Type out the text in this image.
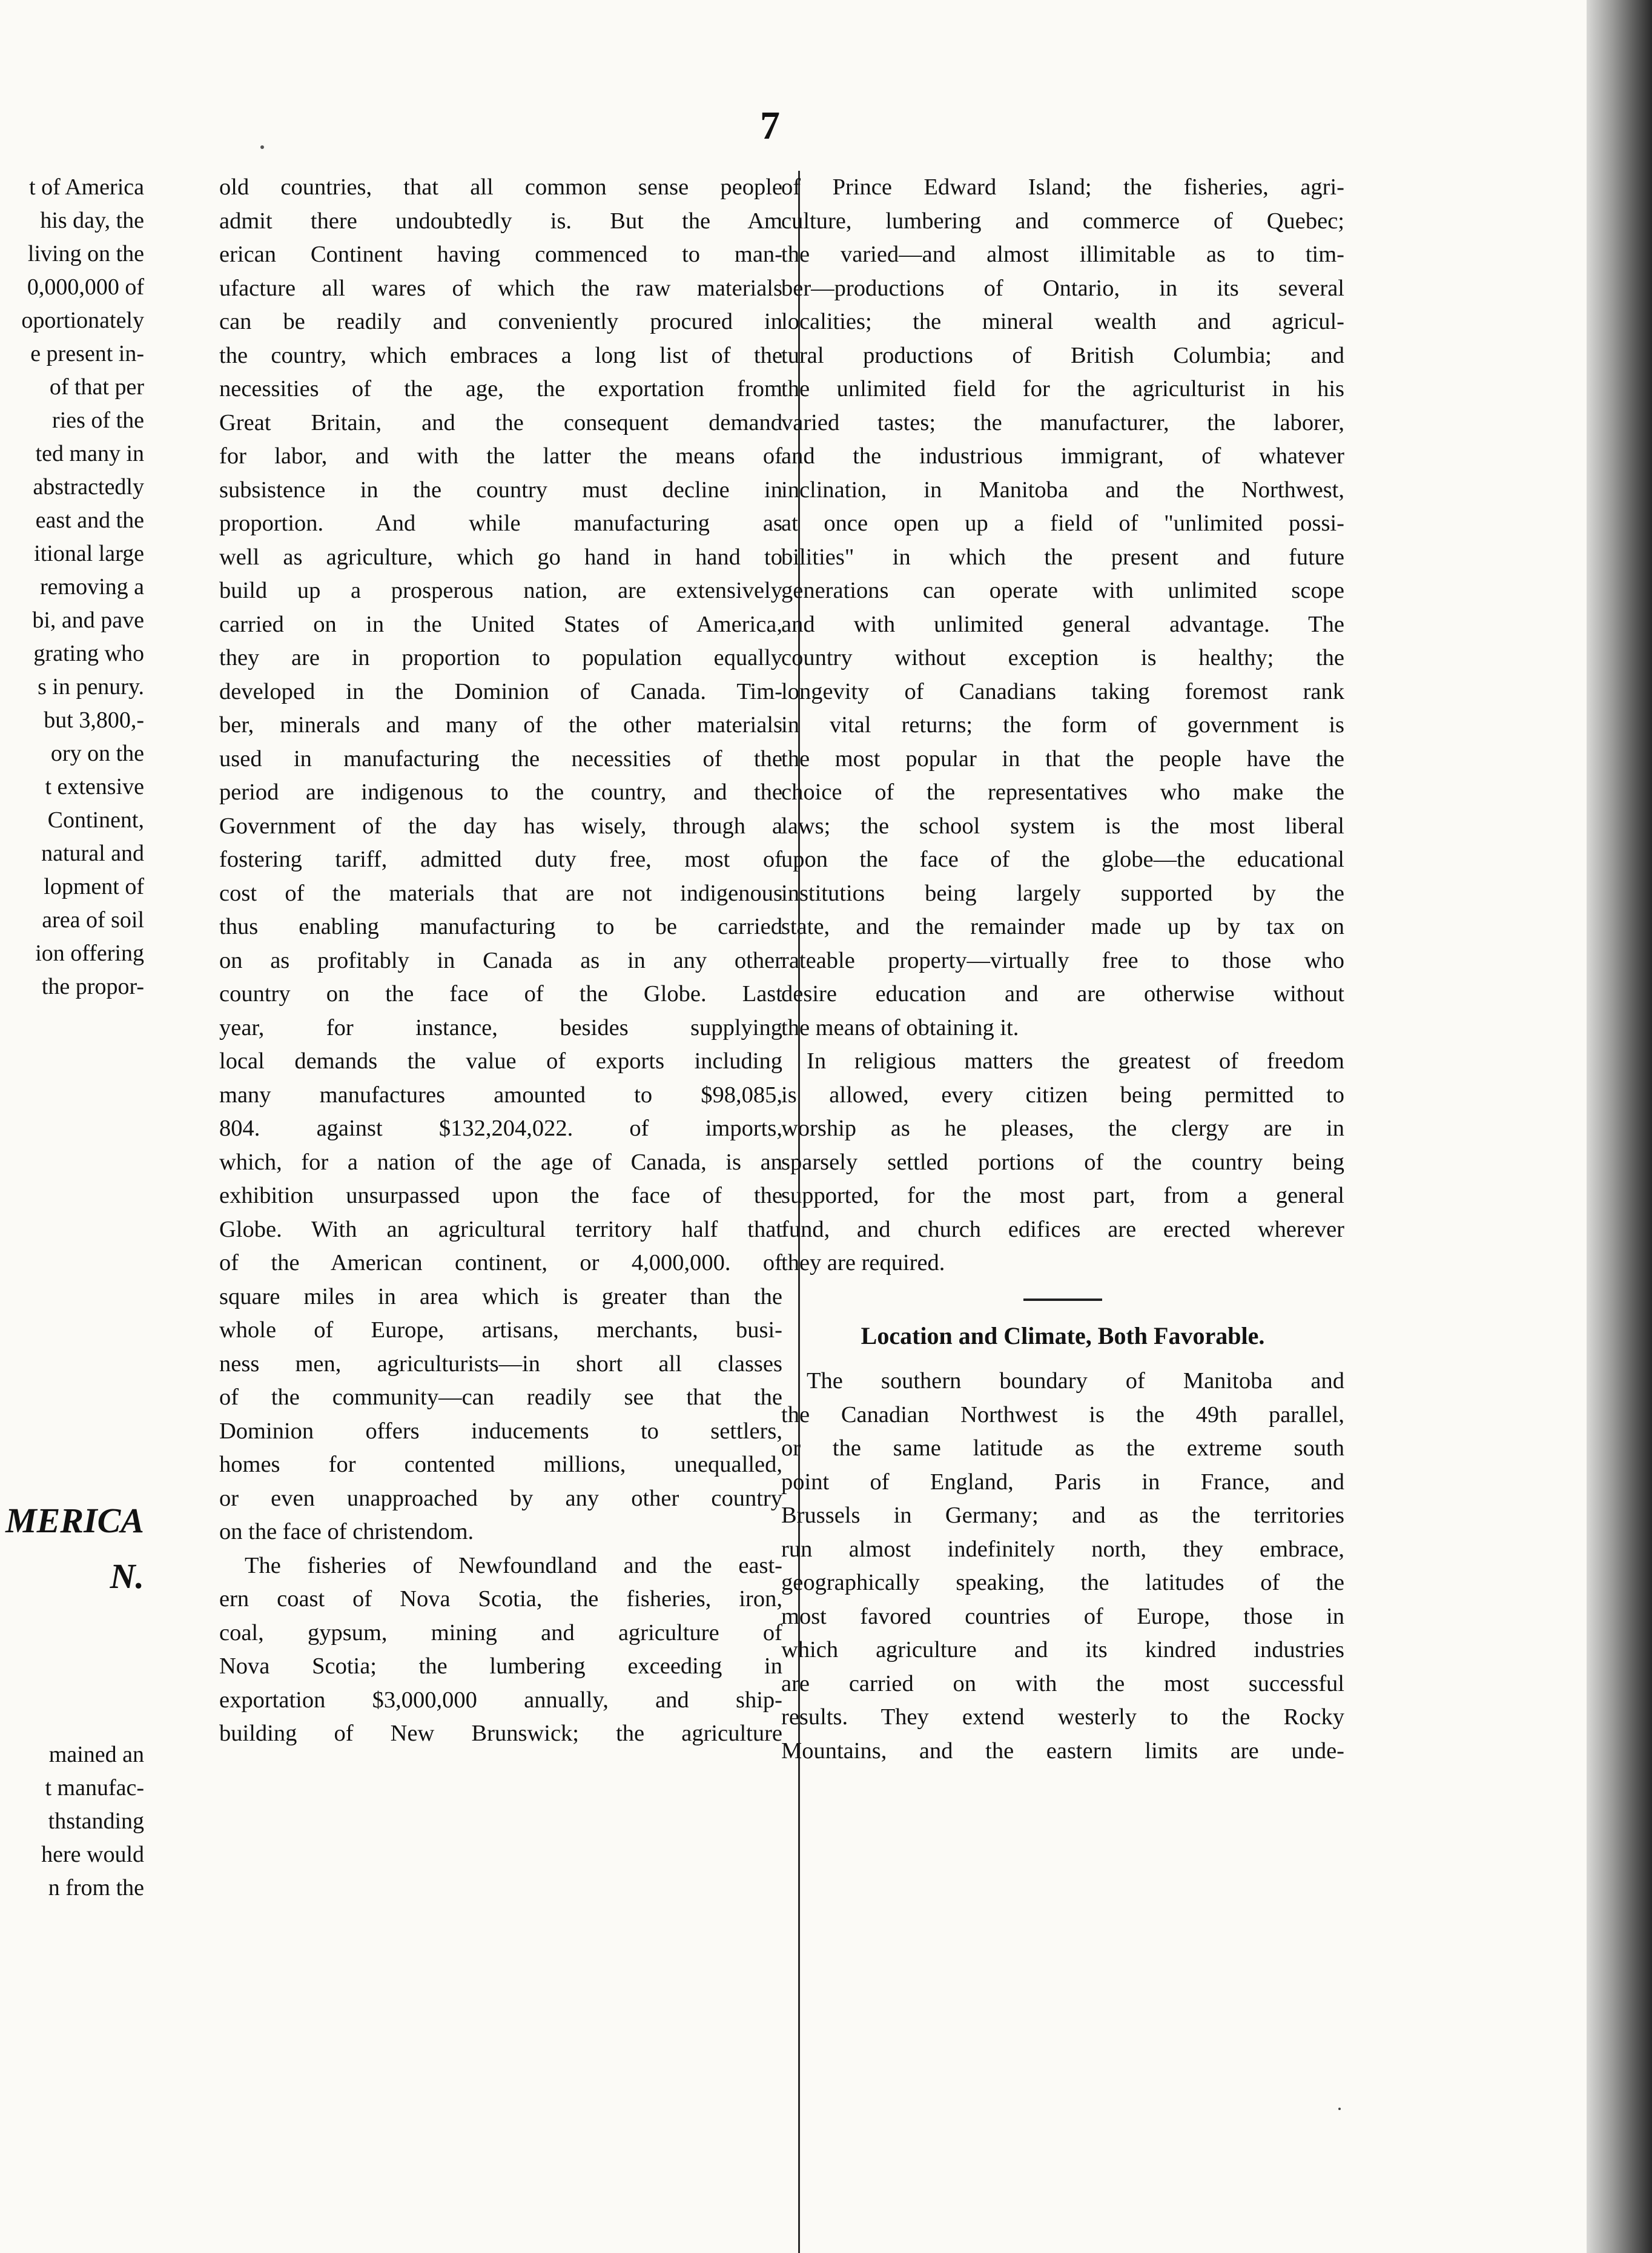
7
t of America
his day, the
living on the
0,000,000 of
oportionately
e present in-
of that per
ries of the
ted many in
abstractedly
east and the
itional large
removing a
bi, and pave
grating who
s in penury.
but 3,800,-
ory on the
t extensive
Continent,
natural and
lopment of
area of soil
ion offering
the propor-
MERICA
N.
mained an
t manufac-
thstanding
here would
n from the
old countries, that all common sense people
admit there undoubtedly is. But the Am
erican Continent having commenced to man-
ufacture all wares of which the raw materials
can be readily and conveniently procured in
the country, which embraces a long list of the
necessities of the age, the exportation from
Great Britain, and the consequent demand
for labor, and with the latter the means of
subsistence in the country must decline in
proportion. And while manufacturing as
well as agriculture, which go hand in hand to
build up a prosperous nation, are extensively
carried on in the United States of America,
they are in proportion to population equally
developed in the Dominion of Canada. Tim-
ber, minerals and many of the other materials
used in manufacturing the necessities of the
period are indigenous to the country, and the
Government of the day has wisely, through a
fostering tariff, admitted duty free, most of
cost of the materials that are not indigenous
thus enabling manufacturing to be carried
on as profitably in Canada as in any other
country on the face of the Globe. Last
year, for instance, besides supplying
local demands the value of exports including
many manufactures amounted to $98,085,
804. against $132,204,022. of imports,
which, for a nation of the age of Canada, is an
exhibition unsurpassed upon the face of the
Globe. With an agricultural territory half that
of the American continent, or 4,000,000. of
square miles in area which is greater than the
whole of Europe, artisans, merchants, busi-
ness men, agriculturists—in short all classes
of the community—can readily see that the
Dominion offers inducements to settlers,
homes for contented millions, unequalled,
or even unapproached by any other country
on the face of christendom.
The fisheries of Newfoundland and the east-
ern coast of Nova Scotia, the fisheries, iron,
coal, gypsum, mining and agriculture of
Nova Scotia; the lumbering exceeding in
exportation $3,000,000 annually, and ship-
building of New Brunswick; the agriculture
of Prince Edward Island; the fisheries, agri-
culture, lumbering and commerce of Quebec;
the varied—and almost illimitable as to tim-
ber—productions of Ontario, in its several
localities; the mineral wealth and agricul-
tural productions of British Columbia; and
the unlimited field for the agriculturist in his
varied tastes; the manufacturer, the laborer,
and the industrious immigrant, of whatever
inclination, in Manitoba and the Northwest,
at once open up a field of "unlimited possi-
bilities" in which the present and future
generations can operate with unlimited scope
and with unlimited general advantage. The
country without exception is healthy; the
longevity of Canadians taking foremost rank
in vital returns; the form of government is
the most popular in that the people have the
choice of the representatives who make the
laws; the school system is the most liberal
upon the face of the globe—the educational
institutions being largely supported by the
state, and the remainder made up by tax on
rateable property—virtually free to those who
desire education and are otherwise without
the means of obtaining it.
In religious matters the greatest of freedom
is allowed, every citizen being permitted to
worship as he pleases, the clergy are in
sparsely settled portions of the country being
supported, for the most part, from a general
fund, and church edifices are erected wherever
they are required.
Location and Climate, Both Favorable.
The southern boundary of Manitoba and
the Canadian Northwest is the 49th parallel,
or the same latitude as the extreme south
point of England, Paris in France, and
Brussels in Germany; and as the territories
run almost indefinitely north, they embrace,
geographically speaking, the latitudes of the
most favored countries of Europe, those in
which agriculture and its kindred industries
are carried on with the most successful
results. They extend westerly to the Rocky
Mountains, and the eastern limits are unde-
